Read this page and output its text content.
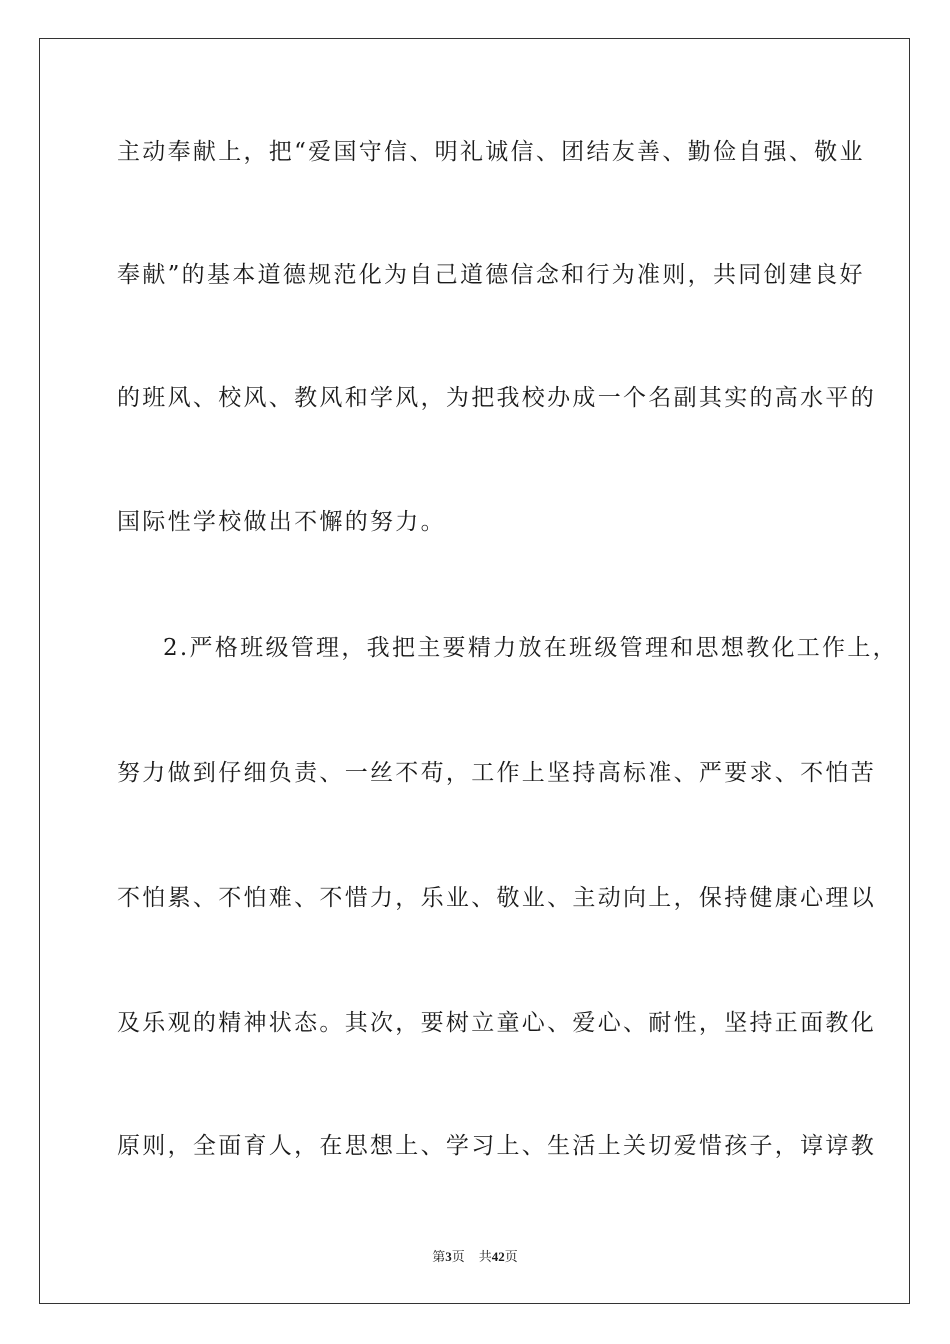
主动奉献上，把“爱国守信、明礼诚信、团结友善、勤俭自强、敬业
奉献”的基本道德规范化为自己道德信念和行为准则，共同创建良好
的班风、校风、教风和学风，为把我校办成一个名副其实的高水平的
国际性学校做出不懈的努力。
2.严格班级管理，我把主要精力放在班级管理和思想教化工作上，
努力做到仔细负责、一丝不苟，工作上坚持高标准、严要求、不怕苦
不怕累、不怕难、不惜力，乐业、敬业、主动向上，保持健康心理以
及乐观的精神状态。其次，要树立童心、爱心、耐性，坚持正面教化
原则，全面育人，在思想上、学习上、生活上关切爱惜孩子，谆谆教
第3页 共42页
